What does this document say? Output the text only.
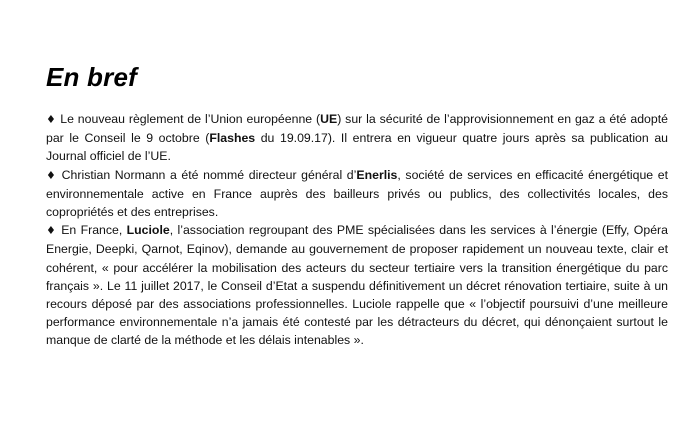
En bref

♦ Le nouveau règlement de l’Union européenne (UE) sur la sécurité de l’approvisionnement en gaz a été adopté par le Conseil le 9 octobre (Flashes du 19.09.17). Il entrera en vigueur quatre jours après sa publication au Journal officiel de l’UE.

♦ Christian Normann a été nommé directeur général d’Enerlis, société de services en efficacité énergétique et environnementale active en France auprès des bailleurs privés ou publics, des collectivités locales, des copropriétés et des entreprises.

♦ En France, Luciole, l’association regroupant des PME spécialisées dans les services à l’énergie (Effy, Opéra Energie, Deepki, Qarnot, Eqinov), demande au gouvernement de proposer rapidement un nouveau texte, clair et cohérent, « pour accélérer la mobilisation des acteurs du secteur tertiaire vers la transition énergétique du parc français ». Le 11 juillet 2017, le Conseil d’Etat a suspendu définitivement un décret rénovation tertiaire, suite à un recours déposé par des associations professionnelles. Luciole rappelle que « l’objectif poursuivi d’une meilleure performance environnementale n’a jamais été contesté par les détracteurs du décret, qui dénonçaient surtout le manque de clarté de la méthode et les délais intenables ».
